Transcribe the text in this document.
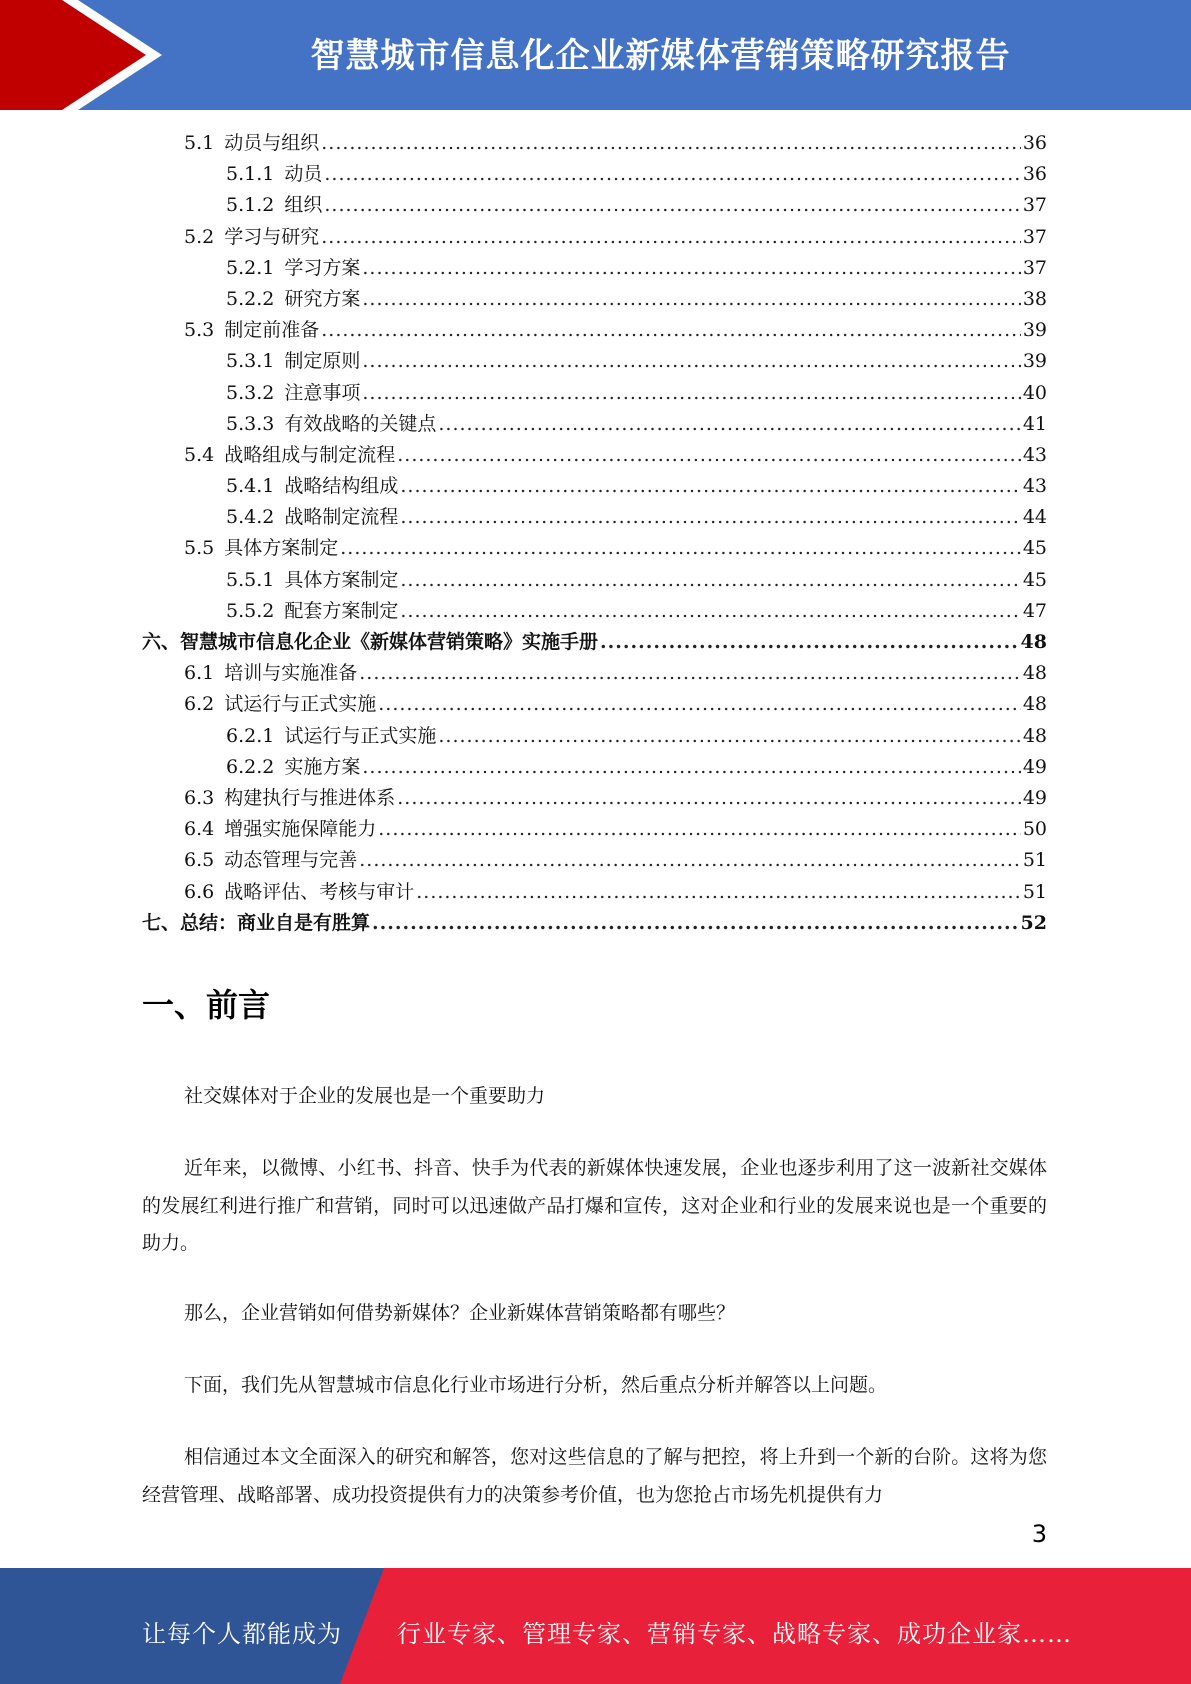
智慧城市信息化企业新媒体营销策略研究报告
5.1 动员与组织 .....	36
5.1.1 动员 .....	36
5.1.2 组织 .....	37
5.2 学习与研究 .....	37
5.2.1 学习方案 .....	37
5.2.2 研究方案 .....	38
5.3 制定前准备 .....	39
5.3.1 制定原则 .....	39
5.3.2 注意事项 .....	40
5.3.3 有效战略的关键点 .....	41
5.4 战略组成与制定流程 .....	43
5.4.1 战略结构组成 .....	43
5.4.2 战略制定流程 .....	44
5.5 具体方案制定 .....	45
5.5.1 具体方案制定 .....	45
5.5.2 配套方案制定 .....	47
六、 智慧城市信息化企业《新媒体营销策略》实施手册 .....	48
6.1 培训与实施准备 .....	48
6.2 试运行与正式实施 .....	48
6.2.1 试运行与正式实施 .....	48
6.2.2 实施方案 .....	49
6.3 构建执行与推进体系 .....	49
6.4 增强实施保障能力 .....	50
6.5 动态管理与完善 .....	51
6.6 战略评估、考核与审计 .....	51
七、 总结：商业自是有胜算 .....	52
一、前言

社交媒体对于企业的发展也是一个重要助力

近年来，以微博、小红书、抖音、快手为代表的新媒体快速发展，企业也逐步利用了这一波新社交媒体的发展红利进行推广和营销，同时可以迅速做产品打爆和宣传，这对企业和行业的发展来说也是一个重要的助力。

那么，企业营销如何借势新媒体？企业新媒体营销策略都有哪些？

下面，我们先从智慧城市信息化行业市场进行分析，然后重点分析并解答以上问题。

相信通过本文全面深入的研究和解答，您对这些信息的了解与把控，将上升到一个新的台阶。这将为您经营管理、战略部署、成功投资提供有力的决策参考价值，也为您抢占市场先机提供有力

3
让每个人都能成为 行业专家、管理专家、营销专家、战略专家、成功企业家……
